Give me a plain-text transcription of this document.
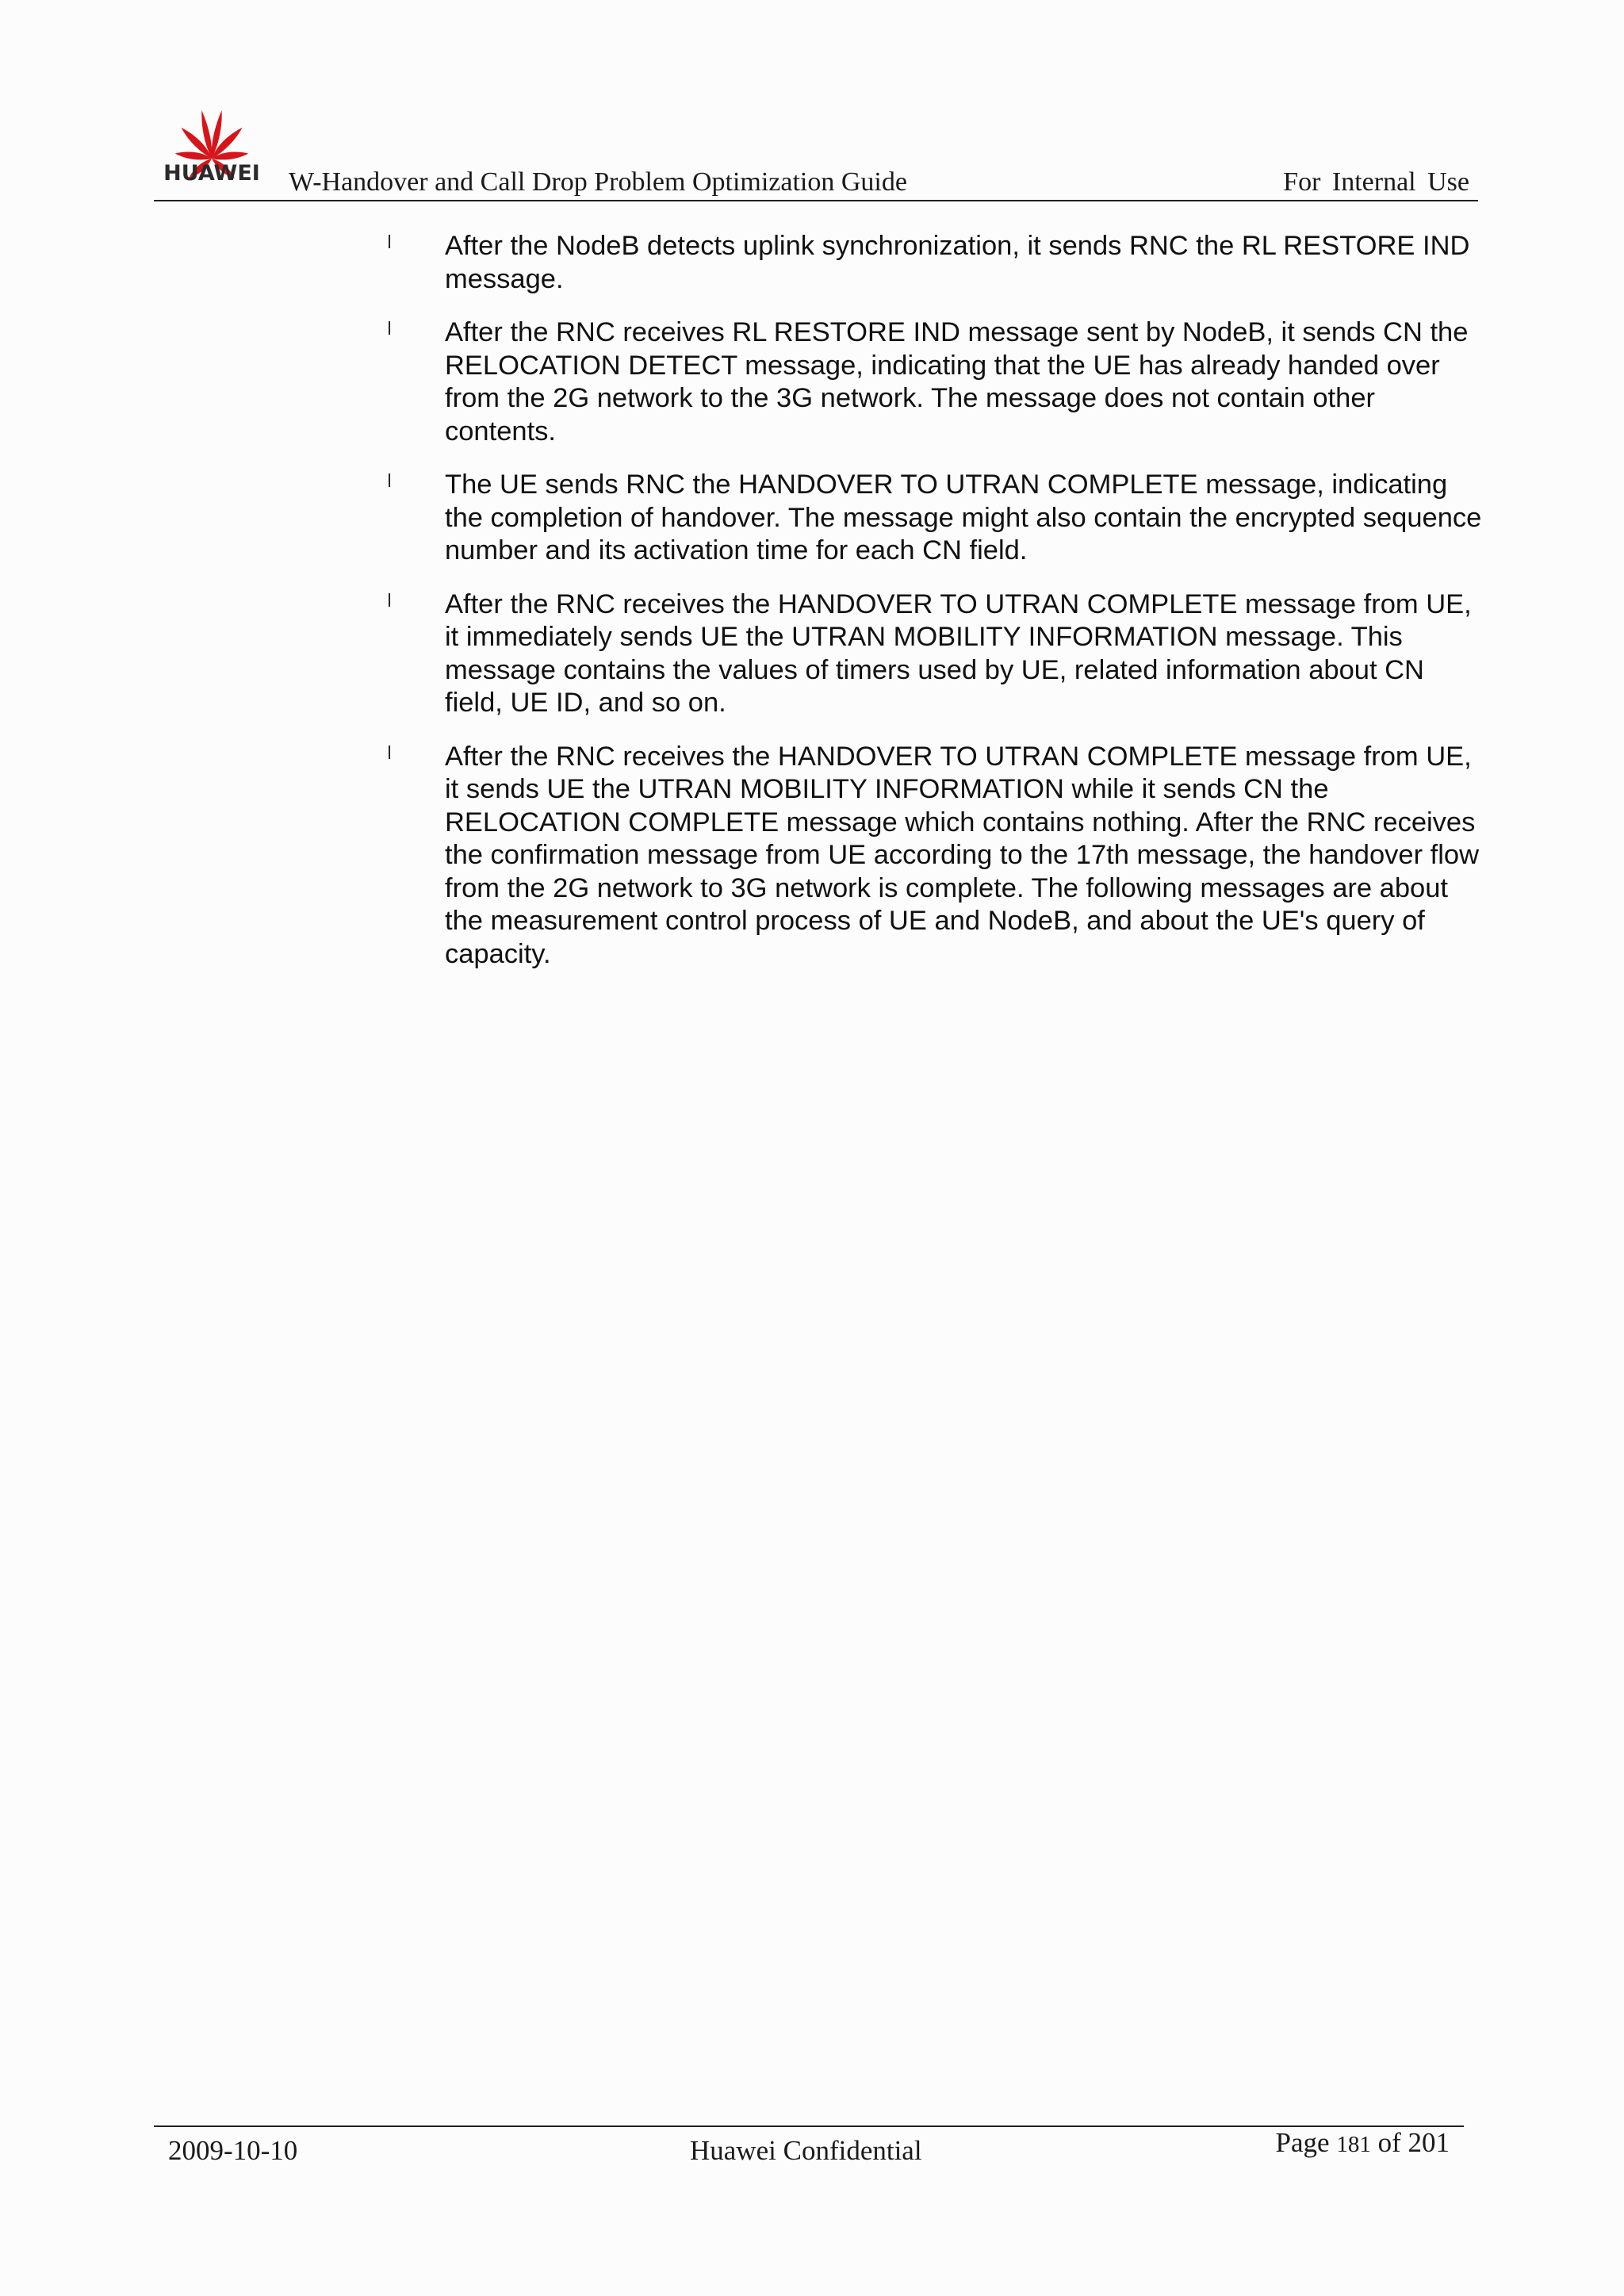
HUAWEI W-Handover and Call Drop Problem Optimization Guide	For Internal Use
l After the NodeB detects uplink synchronization, it sends RNC the RL RESTORE IND message.
l After the RNC receives RL RESTORE IND message sent by NodeB, it sends CN the RELOCATION DETECT message, indicating that the UE has already handed over from the 2G network to the 3G network. The message does not contain other contents.
l The UE sends RNC the HANDOVER TO UTRAN COMPLETE message, indicating the completion of handover. The message might also contain the encrypted sequence number and its activation time for each CN field.
l After the RNC receives the HANDOVER TO UTRAN COMPLETE message from UE, it immediately sends UE the UTRAN MOBILITY INFORMATION message. This message contains the values of timers used by UE, related information about CN field, UE ID, and so on.
l After the RNC receives the HANDOVER TO UTRAN COMPLETE message from UE, it sends UE the UTRAN MOBILITY INFORMATION while it sends CN the RELOCATION COMPLETE message which contains nothing. After the RNC receives the confirmation message from UE according to the 17th message, the handover flow from the 2G network to 3G network is complete. The following messages are about the measurement control process of UE and NodeB, and about the UE's query of capacity.
2009-10-10	Huawei Confidential	Page 181 of 201
